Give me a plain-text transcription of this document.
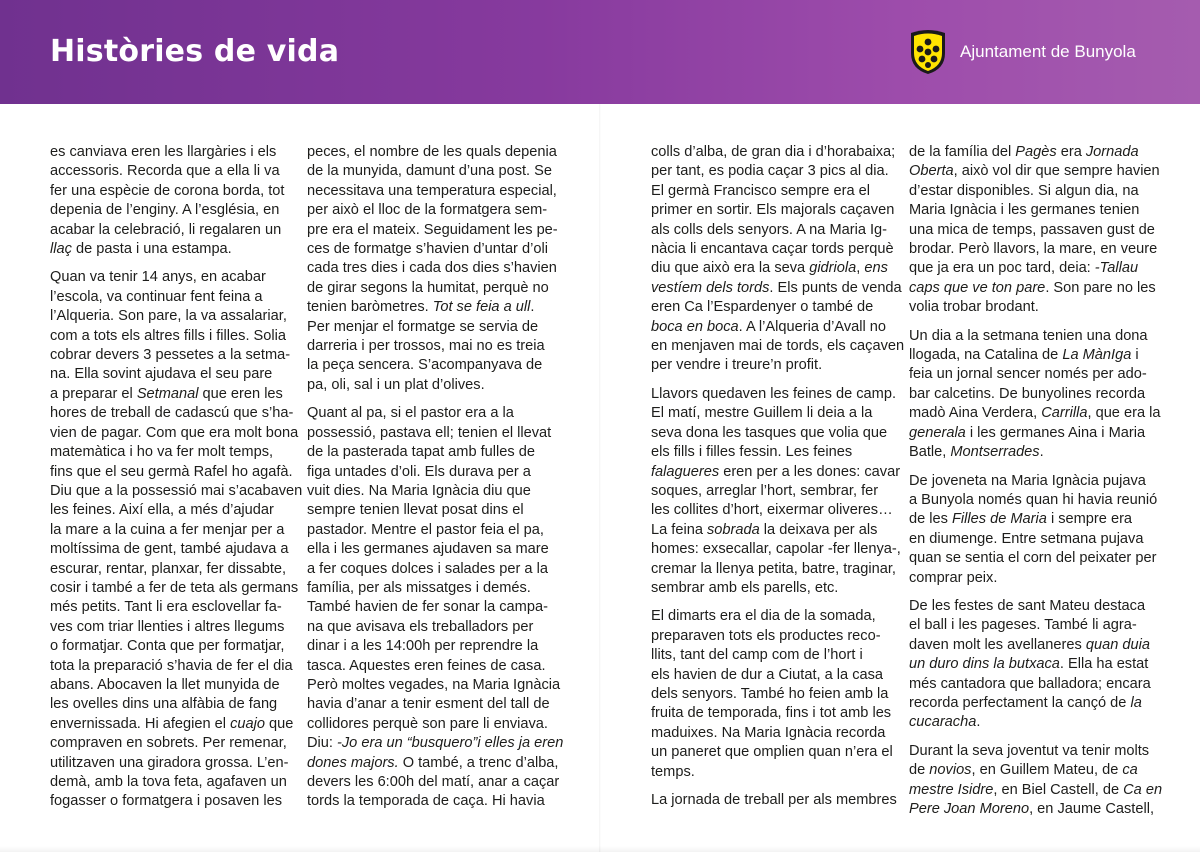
Històries de vida	Ajuntament de Bunyola

es canviava eren les llargàries i els
accessoris. Recorda que a ella li va
fer una espècie de corona borda, tot
depenia de l’enginy. A l’església, en
acabar la celebració, li regalaren un
llaç de pasta i una estampa.

Quan va tenir 14 anys, en acabar
l’escola, va continuar fent feina a
l’Alqueria. Son pare, la va assalariar,
com a tots els altres fills i filles. Solia
cobrar devers 3 pessetes a la setma-
na. Ella sovint ajudava el seu pare
a preparar el Setmanal que eren les
hores de treball de cadascú que s’ha-
vien de pagar. Com que era molt bona
matemàtica i ho va fer molt temps,
fins que el seu germà Rafel ho agafà.
Diu que a la possessió mai s’acabaven
les feines. Així ella, a més d’ajudar
la mare a la cuina a fer menjar per a
moltíssima de gent, també ajudava a
escurar, rentar, planxar, fer dissabte,
cosir i també a fer de teta als germans
més petits. Tant li era esclovellar fa-
ves com triar llenties i altres llegums
o formatjar. Conta que per formatjar,
tota la preparació s’havia de fer el dia
abans. Abocaven la llet munyida de
les ovelles dins una alfàbia de fang
envernissada. Hi afegien el cuajo que
compraven en sobrets. Per remenar,
utilitzaven una giradora grossa. L’en-
demà, amb la tova feta, agafaven un
fogasser o formatgera i posaven les

peces, el nombre de les quals depenia
de la munyida, damunt d’una post. Se
necessitava una temperatura especial,
per això el lloc de la formatgera sem-
pre era el mateix. Seguidament les pe-
ces de formatge s’havien d’untar d’oli
cada tres dies i cada dos dies s’havien
de girar segons la humitat, perquè no
tenien baròmetres. Tot se feia a ull.
Per menjar el formatge se servia de
darreria i per trossos, mai no es treia
la peça sencera. S’acompanyava de
pa, oli, sal i un plat d’olives.

Quant al pa, si el pastor era a la
possessió, pastava ell; tenien el llevat
de la pasterada tapat amb fulles de
figa untades d’oli. Els durava per a
vuit dies. Na Maria Ignàcia diu que
sempre tenien llevat posat dins el
pastador. Mentre el pastor feia el pa,
ella i les germanes ajudaven sa mare
a fer coques dolces i salades per a la
família, per als missatges i demés.
També havien de fer sonar la campa-
na que avisava els treballadors per
dinar i a les 14:00h per reprendre la
tasca. Aquestes eren feines de casa.
Però moltes vegades, na Maria Ignàcia
havia d’anar a tenir esment del tall de
collidores perquè son pare li enviava.
Diu: -Jo era un “busquero”i elles ja eren
dones majors. O també, a trenc d’alba,
devers les 6:00h del matí, anar a caçar
tords la temporada de caça. Hi havia

colls d’alba, de gran dia i d’horabaixa;
per tant, es podia caçar 3 pics al dia.
El germà Francisco sempre era el
primer en sortir. Els majorals caçaven
als colls dels senyors. A na Maria Ig-
nàcia li encantava caçar tords perquè
diu que això era la seva gidriola, ens
vestíem dels tords. Els punts de venda
eren Ca l’Espardenyer o també de
boca en boca. A l’Alqueria d’Avall no
en menjaven mai de tords, els caçaven
per vendre i treure’n profit.

Llavors quedaven les feines de camp.
El matí, mestre Guillem li deia a la
seva dona les tasques que volia que
els fills i filles fessin. Les feines
falagueres eren per a les dones: cavar
soques, arreglar l’hort, sembrar, fer
les collites d’hort, eixermar oliveres…
La feina sobrada la deixava per als
homes: exsecallar, capolar -fer llenya-,
cremar la llenya petita, batre, traginar,
sembrar amb els parells, etc.

El dimarts era el dia de la somada,
preparaven tots els productes reco-
llits, tant del camp com de l’hort i
els havien de dur a Ciutat, a la casa
dels senyors. També ho feien amb la
fruita de temporada, fins i tot amb les
maduixes. Na Maria Ignàcia recorda
un paneret que omplien quan n’era el
temps.

La jornada de treball per als membres

de la família del Pagès era Jornada
Oberta, això vol dir que sempre havien
d’estar disponibles. Si algun dia, na
Maria Ignàcia i les germanes tenien
una mica de temps, passaven gust de
brodar. Però llavors, la mare, en veure
que ja era un poc tard, deia: -Tallau
caps que ve ton pare. Son pare no les
volia trobar brodant.

Un dia a la setmana tenien una dona
llogada, na Catalina de La MànIga i
feia un jornal sencer només per ado-
bar calcetins. De bunyolines recorda
madò Aina Verdera, Carrilla, que era la
generala i les germanes Aina i Maria
Batle, Montserrades.

De joveneta na Maria Ignàcia pujava
a Bunyola només quan hi havia reunió
de les Filles de Maria i sempre era
en diumenge. Entre setmana pujava
quan se sentia el corn del peixater per
comprar peix.

De les festes de sant Mateu destaca
el ball i les pageses. També li agra-
daven molt les avellaneres quan duia
un duro dins la butxaca. Ella ha estat
més cantadora que balladora; encara
recorda perfectament la cançó de la
cucaracha.

Durant la seva joventut va tenir molts
de novios, en Guillem Mateu, de ca
mestre Isidre, en Biel Castell, de Ca en
Pere Joan Moreno, en Jaume Castell,
